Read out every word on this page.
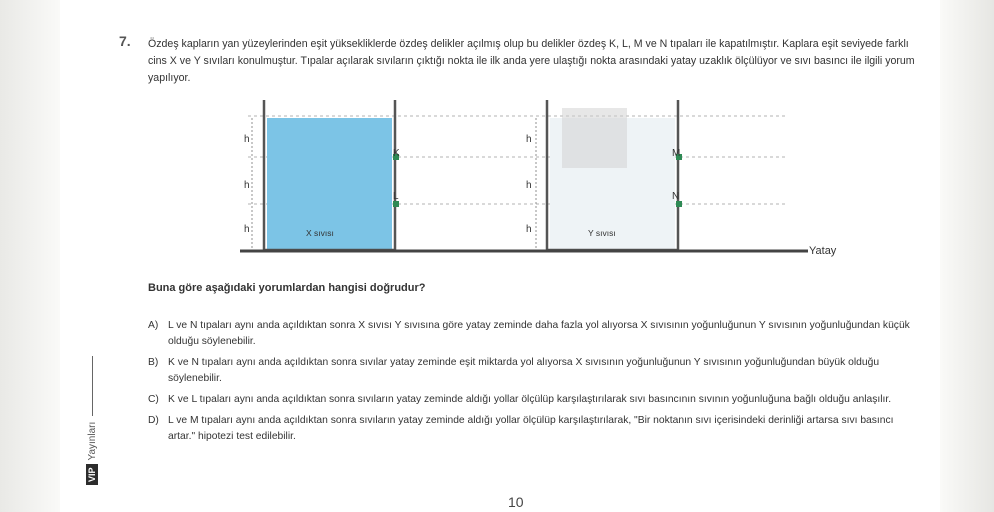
7. Özdeş kapların yan yüzeylerinden eşit yüksekliklerde özdeş delikler açılmış olup bu delikler özdeş K, L, M ve N tıpaları ile kapatılmıştır. Kaplara eşit seviyede farklı cins X ve Y sıvıları konulmuştur. Tıpalar açılarak sıvıların çıktığı nokta ile ilk anda yere ulaştığı nokta arasındaki yatay uzaklık ölçülüyor ve sıvı basıncı ile ilgili yorum yapılıyor.
K
L
M
N
h
h
h
h
h
h
X sıvısı	Y sıvısı
Yatay
Buna göre aşağıdaki yorumlardan hangisi doğrudur?
A) L ve N tıpaları aynı anda açıldıktan sonra X sıvısı Y sıvısına göre yatay zeminde daha fazla yol alıyorsa X sıvısının yoğunluğunun Y sıvısının yoğunluğundan küçük olduğu söylenebilir.
B) K ve N tıpaları aynı anda açıldıktan sonra sıvılar yatay zeminde eşit miktarda yol alıyorsa X sıvısının yoğunluğunun Y sıvısının yoğunluğundan büyük olduğu söylenebilir.
C) K ve L tıpaları aynı anda açıldıktan sonra sıvıların yatay zeminde aldığı yollar ölçülüp karşılaştırılarak sıvı basıncının sıvının yoğunluğuna bağlı olduğu anlaşılır.
D) L ve M tıpaları aynı anda açıldıktan sonra sıvıların yatay zeminde aldığı yollar ölçülüp karşılaştırılarak, "Bir noktanın sıvı içerisindeki derinliği artarsa sıvı basıncı artar." hipotezi test edilebilir.
10
VIPYayınları
